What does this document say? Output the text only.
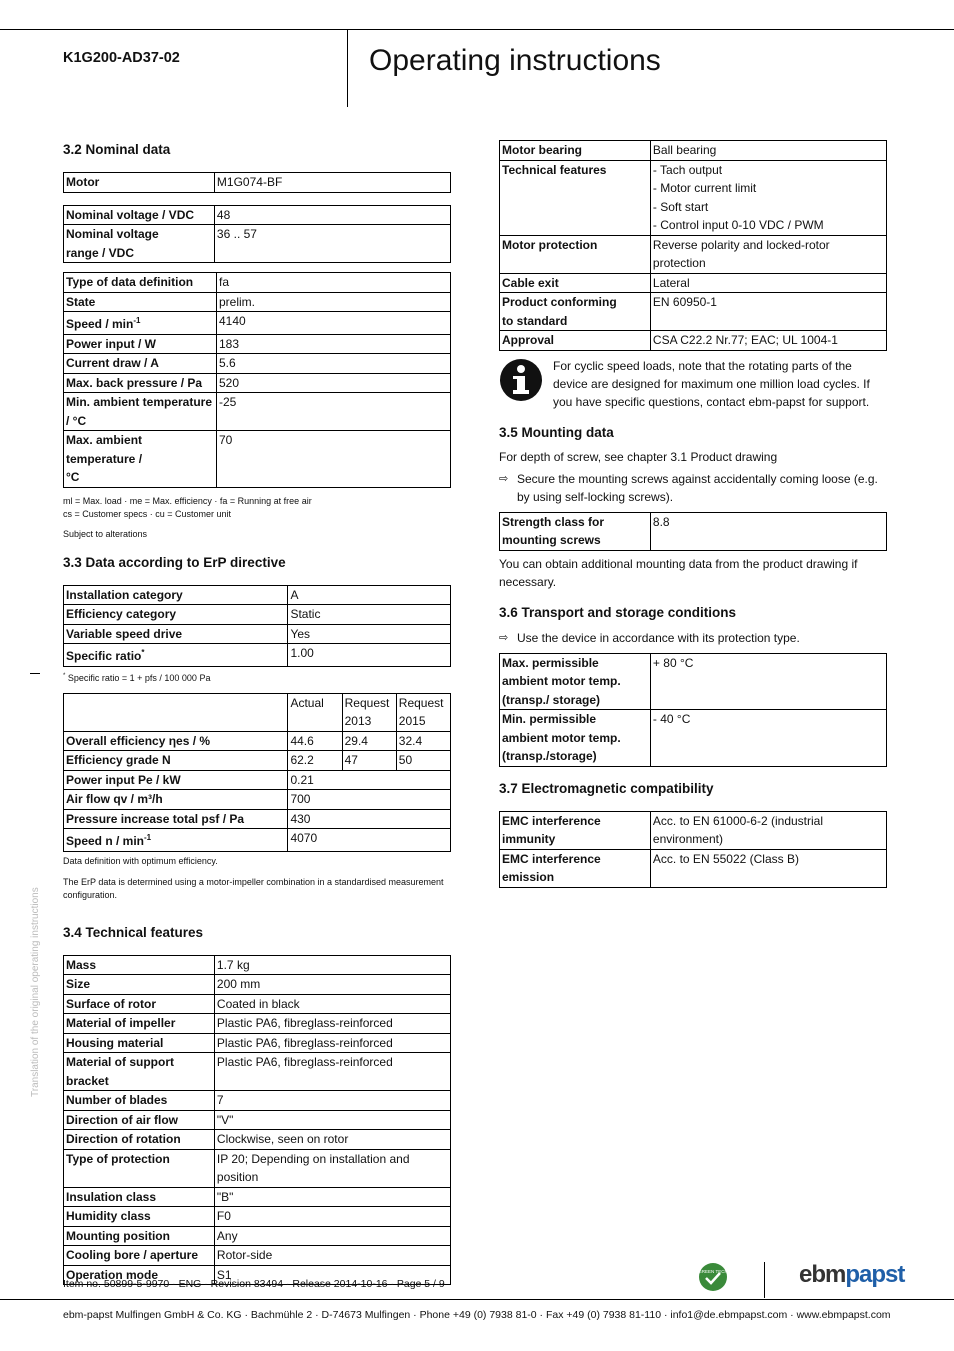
K1G200-AD37-02	Operating instructions
Translation of the original operating instructions
3.2 Nominal data
Motor	M1G074-BF
Nominal voltage / VDC	48
Nominal voltage range / VDC	36 .. 57
Type of data definition	fa
State	prelim.
Speed / $\min^{-1}$	4140
Power input / W	183
Current draw / A	5.6
Max. back pressure / Pa	520
Min. ambient temperature / °C	-25
Max. ambient temperature / °C	70
ml = Max. load · me = Max. efficiency · fa = Running at free air
cs = Customer specs · cu = Customer unit
Subject to alterations
3.3 Data according to ErP directive
Installation category	A
Efficiency category	Static
Variable speed drive	Yes
Specific ratio*	1.00
* Specific ratio = 1 + pfs / 100 000 Pa
	Actual	Request 2013	Request 2015
Overall efficiency ηes / %	44.6	29.4	32.4
Efficiency grade N	62.2	47	50
Power input Pe / kW	0.21		
Air flow qv / m³/h	700		
Pressure increase total psf / Pa	430		
Speed n / $\min^{-1}$	4070		
Data definition with optimum efficiency.
The ErP data is determined using a motor-impeller combination in a standardised measurement configuration.
3.4 Technical features
Mass	1.7 kg
Size	200 mm
Surface of rotor	Coated in black
Material of impeller	Plastic PA6, fibreglass-reinforced
Housing material	Plastic PA6, fibreglass-reinforced
Material of support bracket	Plastic PA6, fibreglass-reinforced
Number of blades	7
Direction of air flow	"V"
Direction of rotation	Clockwise, seen on rotor
Type of protection	IP 20; Depending on installation and position
Insulation class	"B"
Humidity class	F0
Mounting position	Any
Cooling bore / aperture	Rotor-side
Operation mode	S1
Motor bearing	Ball bearing
Technical features	- Tach output
- Motor current limit
- Soft start
- Control input 0-10 VDC / PWM

Motor protection	Reverse polarity and locked-rotor protection
Cable exit	Lateral
Product conforming to standard	EN 60950-1
Approval	CSA C22.2 Nr.77; EAC; UL 1004-1
For cyclic speed loads, note that the rotating parts of the device are designed for maximum one million load cycles. If you have specific questions, contact ebm-papst for support.
3.5 Mounting data
For depth of screw, see chapter 3.1 Product drawing
⇨ Secure the mounting screws against accidentally coming loose (e.g. by using self-locking screws).
Strength class for mounting screws	8.8
You can obtain additional mounting data from the product drawing if necessary.
3.6 Transport and storage conditions
⇨ Use the device in accordance with its protection type.
Max. permissible ambient motor temp. (transp./ storage)	+ 80 °C
Min. permissible ambient motor temp. (transp./storage)	- 40 °C
3.7 Electromagnetic compatibility
EMC interference immunity	Acc. to EN 61000-6-2 (industrial environment)
EMC interference emission	Acc. to EN 55022 (Class B)
Item no. 50899-5-9970 · ENG · Revision 83494 · Release 2014-10-16 · Page 5 / 9
GREEN TECH	ebmpapst
ebm-papst Mulfingen GmbH & Co. KG · Bachmühle 2 · D-74673 Mulfingen · Phone +49 (0) 7938 81-0 · Fax +49 (0) 7938 81-110 · info1@de.ebmpapst.com · www.ebmpapst.com
